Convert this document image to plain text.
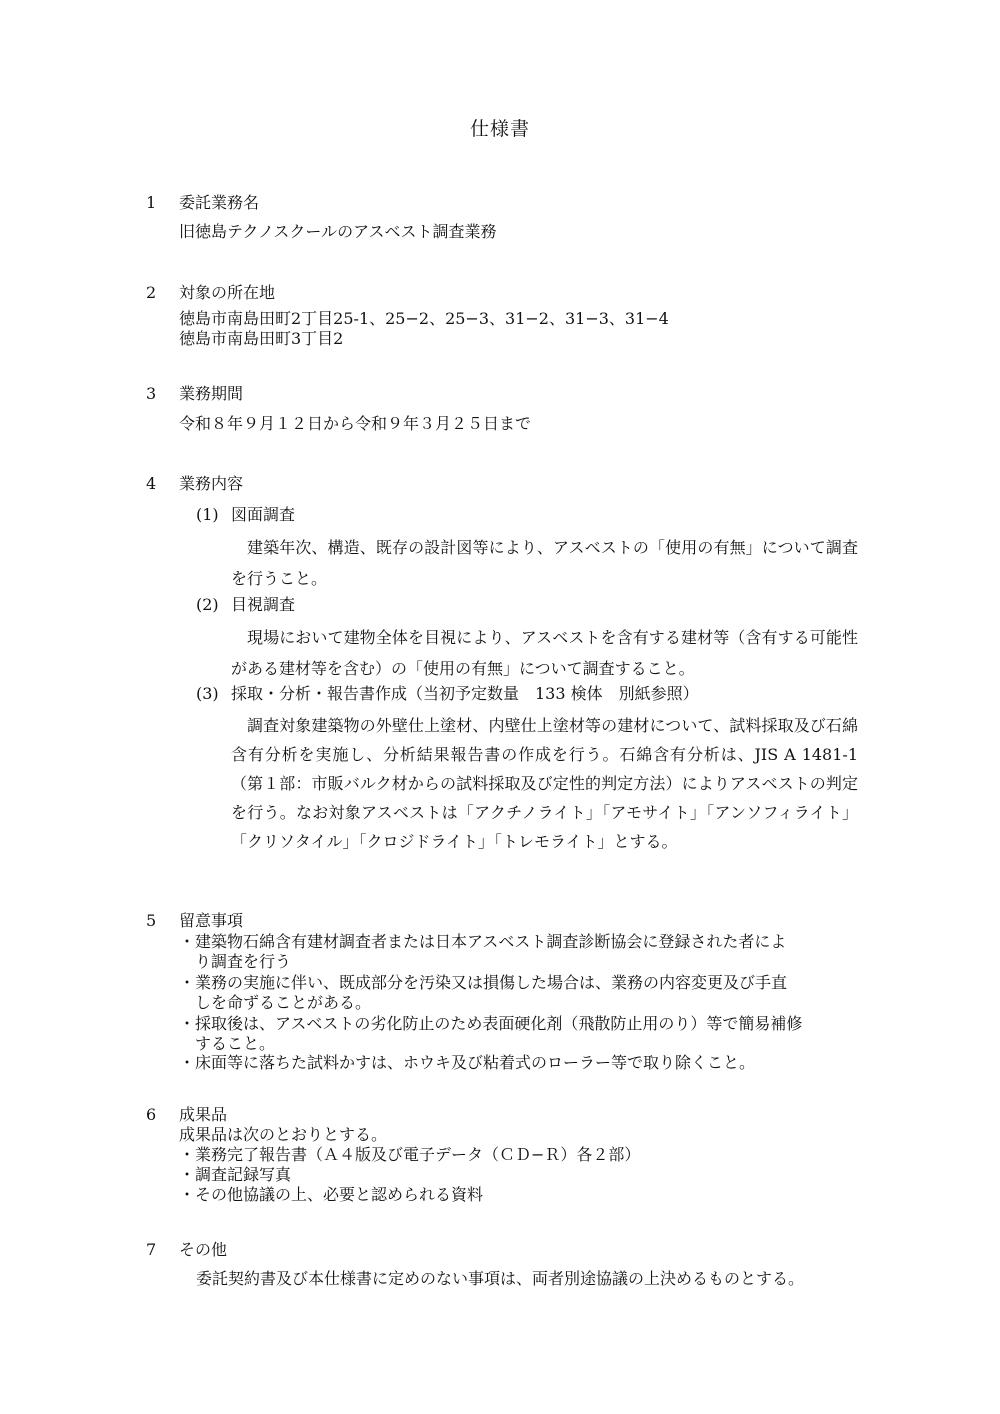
仕様書
1 委託業務名
旧徳島テクノスクールのアスベスト調査業務
2 対象の所在地
徳島市南島田町2丁目25-1、25−2、25−3、31−2、31−3、31−4
徳島市南島田町3丁目2
3 業務期間
令和８年９月１２日から令和９年３月２５日まで
4 業務内容
(1) 図面調査
建築年次、構造、既存の設計図等により、アスベストの「使用の有無」について調査を行うこと。
(2) 目視調査
現場において建物全体を目視により、アスベストを含有する建材等（含有する可能性がある建材等を含む）の「使用の有無」について調査すること。
(3) 採取・分析・報告書作成（当初予定数量　133 検体　別紙参照）
調査対象建築物の外壁仕上塗材、内壁仕上塗材等の建材について、試料採取及び石綿含有分析を実施し、分析結果報告書の作成を行う。石綿含有分析は、JIS A 1481-1（第１部：市販バルク材からの試料採取及び定性的判定方法）によりアスベストの判定を行う。なお対象アスベストは「アクチノライト」「アモサイト」「アンソフィライト」「クリソタイル」「クロジドライト」「トレモライト」とする。
5 留意事項
・建築物石綿含有建材調査者または日本アスベスト調査診断協会に登録された者によ
り調査を行う
・業務の実施に伴い、既成部分を汚染又は損傷した場合は、業務の内容変更及び手直
しを命ずることがある。
・採取後は、アスベストの劣化防止のため表面硬化剤（飛散防止用のり）等で簡易補修
すること。
・床面等に落ちた試料かすは、ホウキ及び粘着式のローラー等で取り除くこと。
6 成果品
成果品は次のとおりとする。
・業務完了報告書（Ａ４版及び電子データ（ＣＤ−Ｒ）各２部）
・調査記録写真
・その他協議の上、必要と認められる資料
7 その他
委託契約書及び本仕様書に定めのない事項は、両者別途協議の上決めるものとする。
